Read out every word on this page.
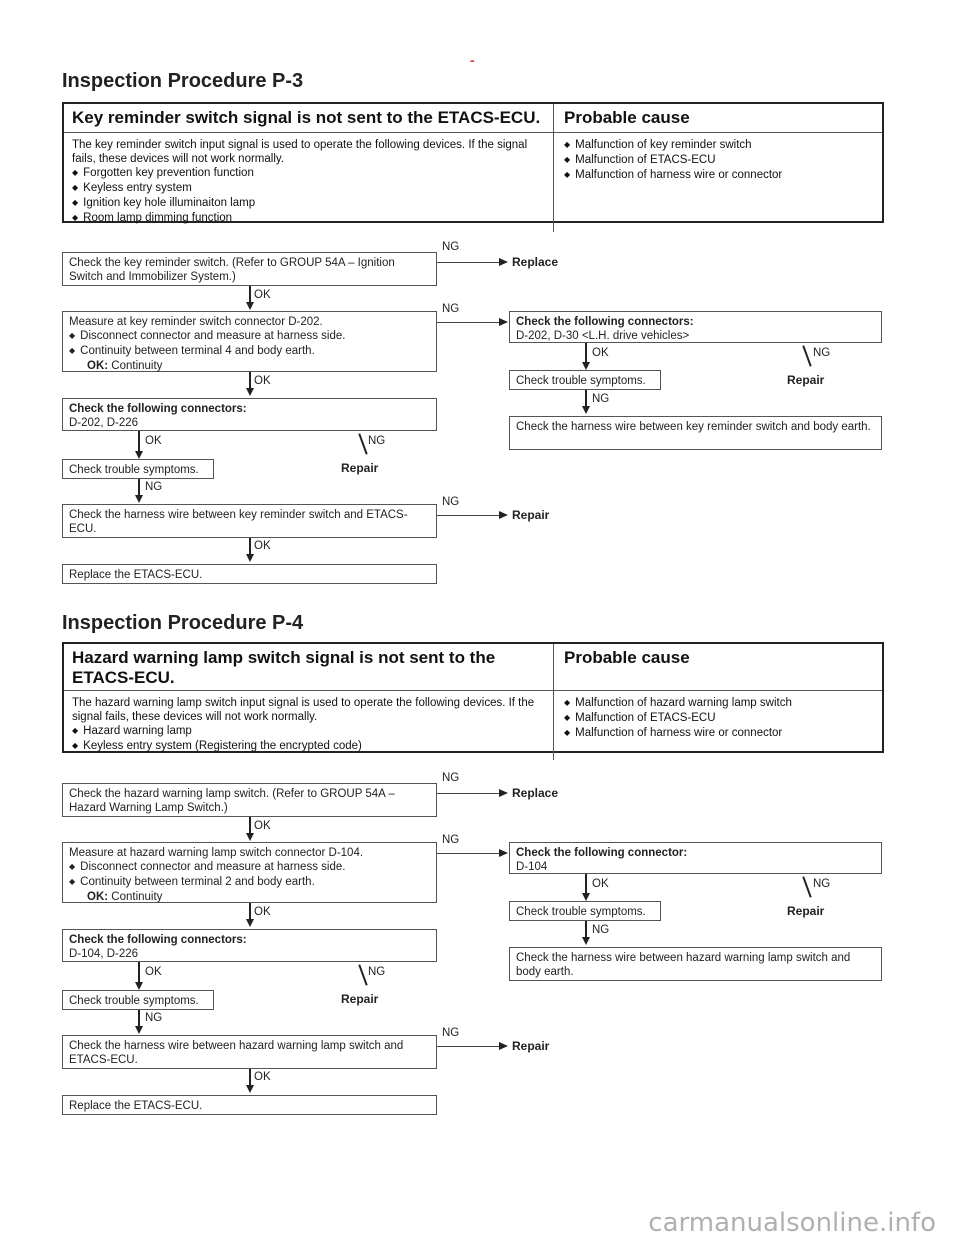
-
Inspection Procedure P-3
Key reminder switch signal is not sent to the ETACS-ECU.	Probable cause
The key reminder switch input signal is used to operate the following devices. If the signal fails, these devices will not work normally.
◆ Forgotten key prevention function
◆ Keyless entry system
◆ Ignition key hole illuminaiton lamp
◆ Room lamp dimming function
◆ Malfunction of key reminder switch
◆ Malfunction of ETACS-ECU
◆ Malfunction of harness wire or connector
Check the key reminder switch. (Refer to GROUP 54A – Ignition Switch and Immobilizer System.)
NG
Replace
OK
Measure at key reminder switch connector D-202.
◆ Disconnect connector and measure at harness side.
◆ Continuity between terminal 4 and body earth.
OK: Continuity
NG
Check the following connectors:
D-202, D-30 <L.H. drive vehicles>
OK	NG
Repair
Check trouble symptoms.
NG
Check the harness wire between key reminder switch and body earth.
OK
Check the following connectors:
D-202, D-226
OK	NG
Repair
Check trouble symptoms.
NG
Check the harness wire between key reminder switch and ETACS-ECU.
NG
Repair
OK
Replace the ETACS-ECU.
Inspection Procedure P-4
Hazard warning lamp switch signal is not sent to the ETACS-ECU.
Probable cause
The hazard warning lamp switch input signal is used to operate the following devices. If the signal fails, these devices will not work normally.
◆ Hazard warning lamp
◆ Keyless entry system (Registering the encrypted code)
◆ Malfunction of hazard warning lamp switch
◆ Malfunction of ETACS-ECU
◆ Malfunction of harness wire or connector
Check the hazard warning lamp switch. (Refer to GROUP 54A – Hazard Warning Lamp Switch.)
NG
Replace
OK
Measure at hazard warning lamp switch connector D-104.
◆ Disconnect connector and measure at harness side.
◆ Continuity between terminal 2 and body earth.
OK: Continuity
NG
Check the following connector:
D-104
OK	NG
Repair
Check trouble symptoms.
NG
Check the harness wire between hazard warning lamp switch and body earth.
OK
Check the following connectors:
D-104, D-226
OK	NG
Repair
Check trouble symptoms.
NG
Check the harness wire between hazard warning lamp switch and ETACS-ECU.
NG
Repair
OK
Replace the ETACS-ECU.
carmanualsonline.info
